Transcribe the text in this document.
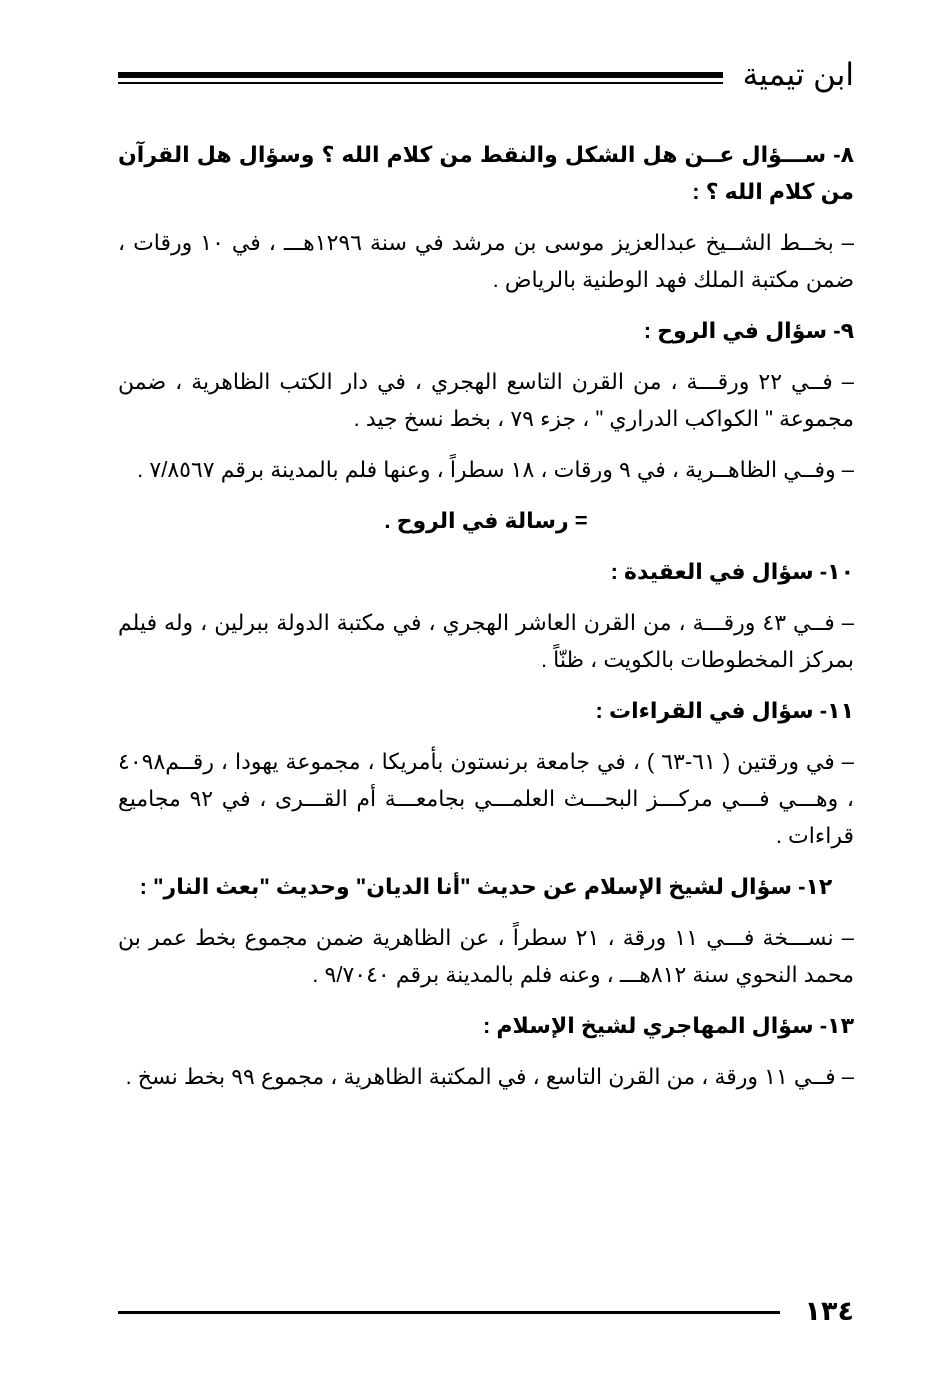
ابن تيمية

٨- ســـؤال عــن هل الشكل والنقط من كلام الله ؟ وسؤال هل القرآن من كلام الله ؟ :

– بخــط الشــيخ عبدالعزيز موسى بن مرشد في سنة ١٢٩٦هـــ ، في ١٠ ورقات ، ضمن مكتبة الملك فهد الوطنية بالرياض .

٩- سؤال في الروح :

– فــي ٢٢ ورقـــة ، من القرن التاسع الهجري ، في دار الكتب الظاهرية ، ضمن مجموعة " الكواكب الدراري " ، جزء ٧٩ ، بخط نسخ جيد .

– وفــي الظاهــرية ، في ٩ ورقات ، ١٨ سطراً ، وعنها فلم بالمدينة برقم ٧/٨٥٦٧ .

= رسالة في الروح .

١٠- سؤال في العقيدة :

– فــي ٤٣ ورقـــة ، من القرن العاشر الهجري ، في مكتبة الدولة ببرلين ، وله فيلم بمركز المخطوطات بالكويت ، ظنّاً .

١١- سؤال في القراءات :

– في ورقتين ( ٦١-٦٣ ) ، في جامعة برنستون بأمريكا ، مجموعة يهودا ، رقــم٤٠٩٨ ، وهـــي فـــي مركـــز البحـــث العلمـــي بجامعـــة أم القـــرى ، في ٩٢ مجاميع قراءات .

١٢- سؤال لشيخ الإسلام عن حديث "أنا الديان" وحديث "بعث النار" :

– نســـخة فـــي ١١ ورقة ، ٢١ سطراً ، عن الظاهرية ضمن مجموع بخط عمر بن محمد النحوي سنة ٨١٢هـــ ، وعنه فلم بالمدينة برقم ٩/٧٠٤٠ .

١٣- سؤال المهاجري لشيخ الإسلام :

– فــي ١١ ورقة ، من القرن التاسع ، في المكتبة الظاهرية ، مجموع ٩٩ بخط نسخ .

١٣٤
